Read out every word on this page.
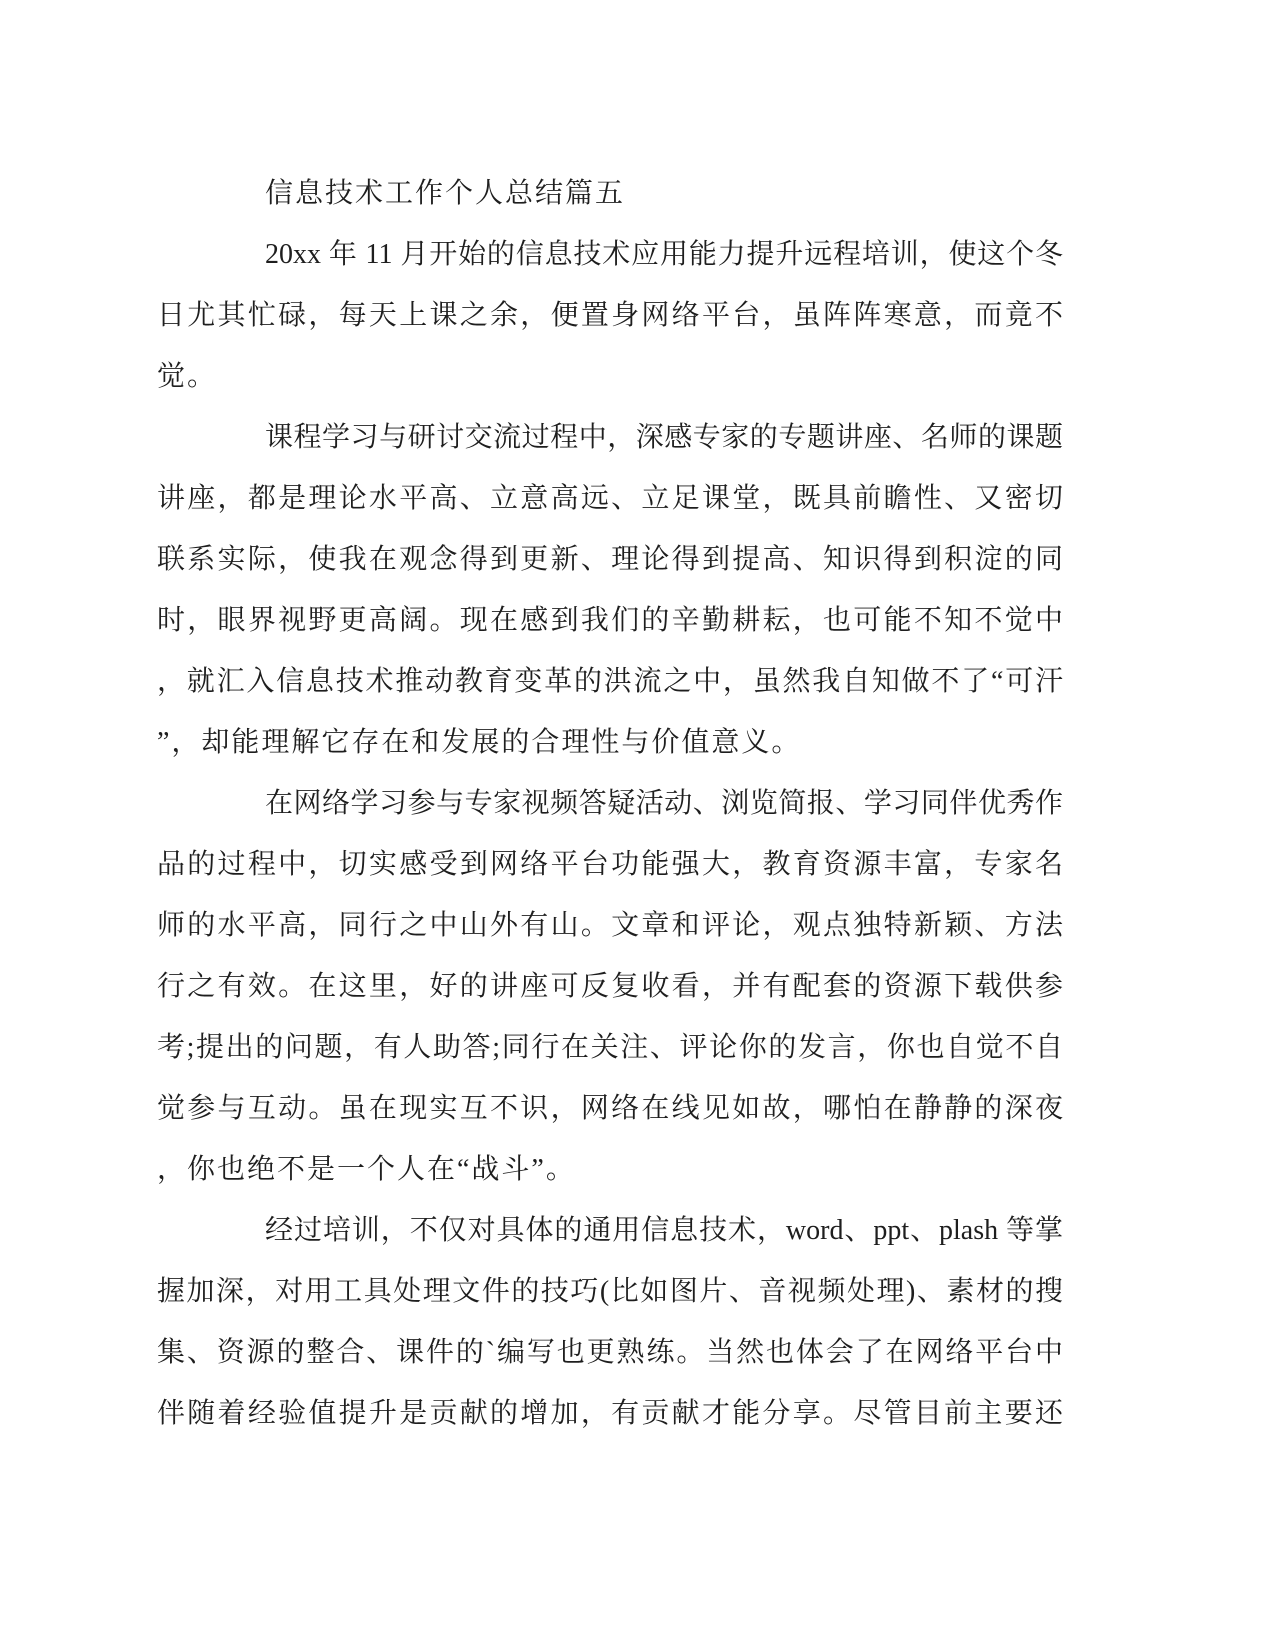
信息技术工作个人总结篇五
20xx 年 11 月开始的信息技术应用能力提升远程培训，使这个冬
日尤其忙碌，每天上课之余，便置身网络平台，虽阵阵寒意，而竟不
觉。
课程学习与研讨交流过程中，深感专家的专题讲座、名师的课题
讲座，都是理论水平高、立意高远、立足课堂，既具前瞻性、又密切
联系实际，使我在观念得到更新、理论得到提高、知识得到积淀的同
时，眼界视野更高阔。现在感到我们的辛勤耕耘，也可能不知不觉中
，就汇入信息技术推动教育变革的洪流之中，虽然我自知做不了“可汗
”，却能理解它存在和发展的合理性与价值意义。
在网络学习参与专家视频答疑活动、浏览简报、学习同伴优秀作
品的过程中，切实感受到网络平台功能强大，教育资源丰富，专家名
师的水平高，同行之中山外有山。文章和评论，观点独特新颖、方法
行之有效。在这里，好的讲座可反复收看，并有配套的资源下载供参
考;提出的问题，有人助答;同行在关注、评论你的发言，你也自觉不自
觉参与互动。虽在现实互不识，网络在线见如故，哪怕在静静的深夜
，你也绝不是一个人在“战斗”。
经过培训，不仅对具体的通用信息技术，word、ppt、plash 等掌
握加深，对用工具处理文件的技巧(比如图片、音视频处理)、素材的搜
集、资源的整合、课件的`编写也更熟练。当然也体会了在网络平台中
伴随着经验值提升是贡献的增加，有贡献才能分享。尽管目前主要还
